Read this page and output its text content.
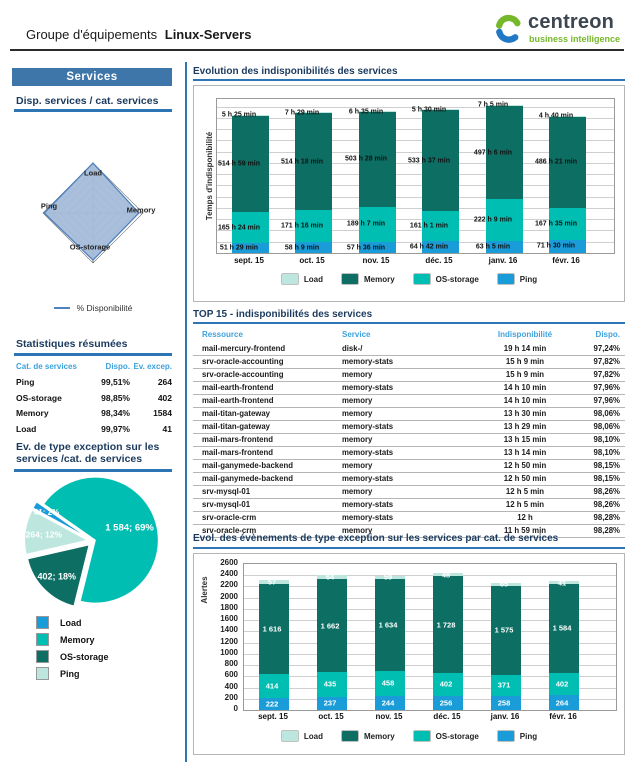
Groupe d'équipements Linux-Servers
centreon
business intelligence
Services
Disp. services / cat. services
Load
Memory
OS-storage
Ping
% Disponibilité
Statistiques résumées
Cat. de services	Dispo. Ev. excep.
Ping	99,51%	264
OS-storage	98,85%	402
Memory	98,34%	1584
Load	99,97%	41
Ev. de type exception sur les
services /cat. de services
1 584; 69%
402; 18%
264; 12%
41; 2%
Load
Memory
OS-storage
Ping
Evolution des indisponibilités des services
Temps d'indisponibilité
51 h 29 min
165 h 24 min
514 h 59 min
5 h 25 min
58 h 9 min
171 h 16 min
514 h 18 min
7 h 29 min
57 h 36 min
189 h 7 min
503 h 28 min
6 h 35 min
64 h 42 min
161 h 1 min
533 h 37 min
5 h 30 min
63 h 5 min
222 h 9 min
497 h 6 min
7 h 5 min
71 h 30 min
167 h 35 min
486 h 21 min
4 h 40 min
sept. 15	oct. 15	nov. 15	déc. 15	janv. 16	févr. 16
Load	Memory	OS-storage	Ping
TOP 15 - indisponibilités des services
Ressource	Service	Indisponibilité	Dispo.
mail-mercury-frontend	disk-/	19 h 14 min	97,24%
srv-oracle-accounting	memory-stats	15 h 9 min	97,82%
srv-oracle-accounting	memory	15 h 9 min	97,82%
mail-earth-frontend	memory-stats	14 h 10 min	97,96%
mail-earth-frontend	memory	14 h 10 min	97,96%
mail-titan-gateway	memory	13 h 30 min	98,06%
mail-titan-gateway	memory-stats	13 h 29 min	98,06%
mail-mars-frontend	memory	13 h 15 min	98,10%
mail-mars-frontend	memory-stats	13 h 14 min	98,10%
mail-ganymede-backend	memory	12 h 50 min	98,15%
mail-ganymede-backend	memory-stats	12 h 50 min	98,15%
srv-mysql-01	memory	12 h 5 min	98,26%
srv-mysql-01	memory-stats	12 h 5 min	98,26%
srv-oracle-crm	memory-stats	12 h	98,28%
srv-oracle-crm	memory	11 h 59 min	98,28%
Evol. des évènements de type exception sur les services par cat. de services
Alertes
222
414
1 616
57
237
435
1 662
64
244
458
1 634
59
256
402
1 728
48
258
371
1 575
65
264
402
1 584
41
0
200
400
600
800
1000
1200
1400
1600
1800
2000
2200
2400
2600
sept. 15	oct. 15	nov. 15	déc. 15	janv. 16	févr. 16
Load	Memory	OS-storage	Ping
